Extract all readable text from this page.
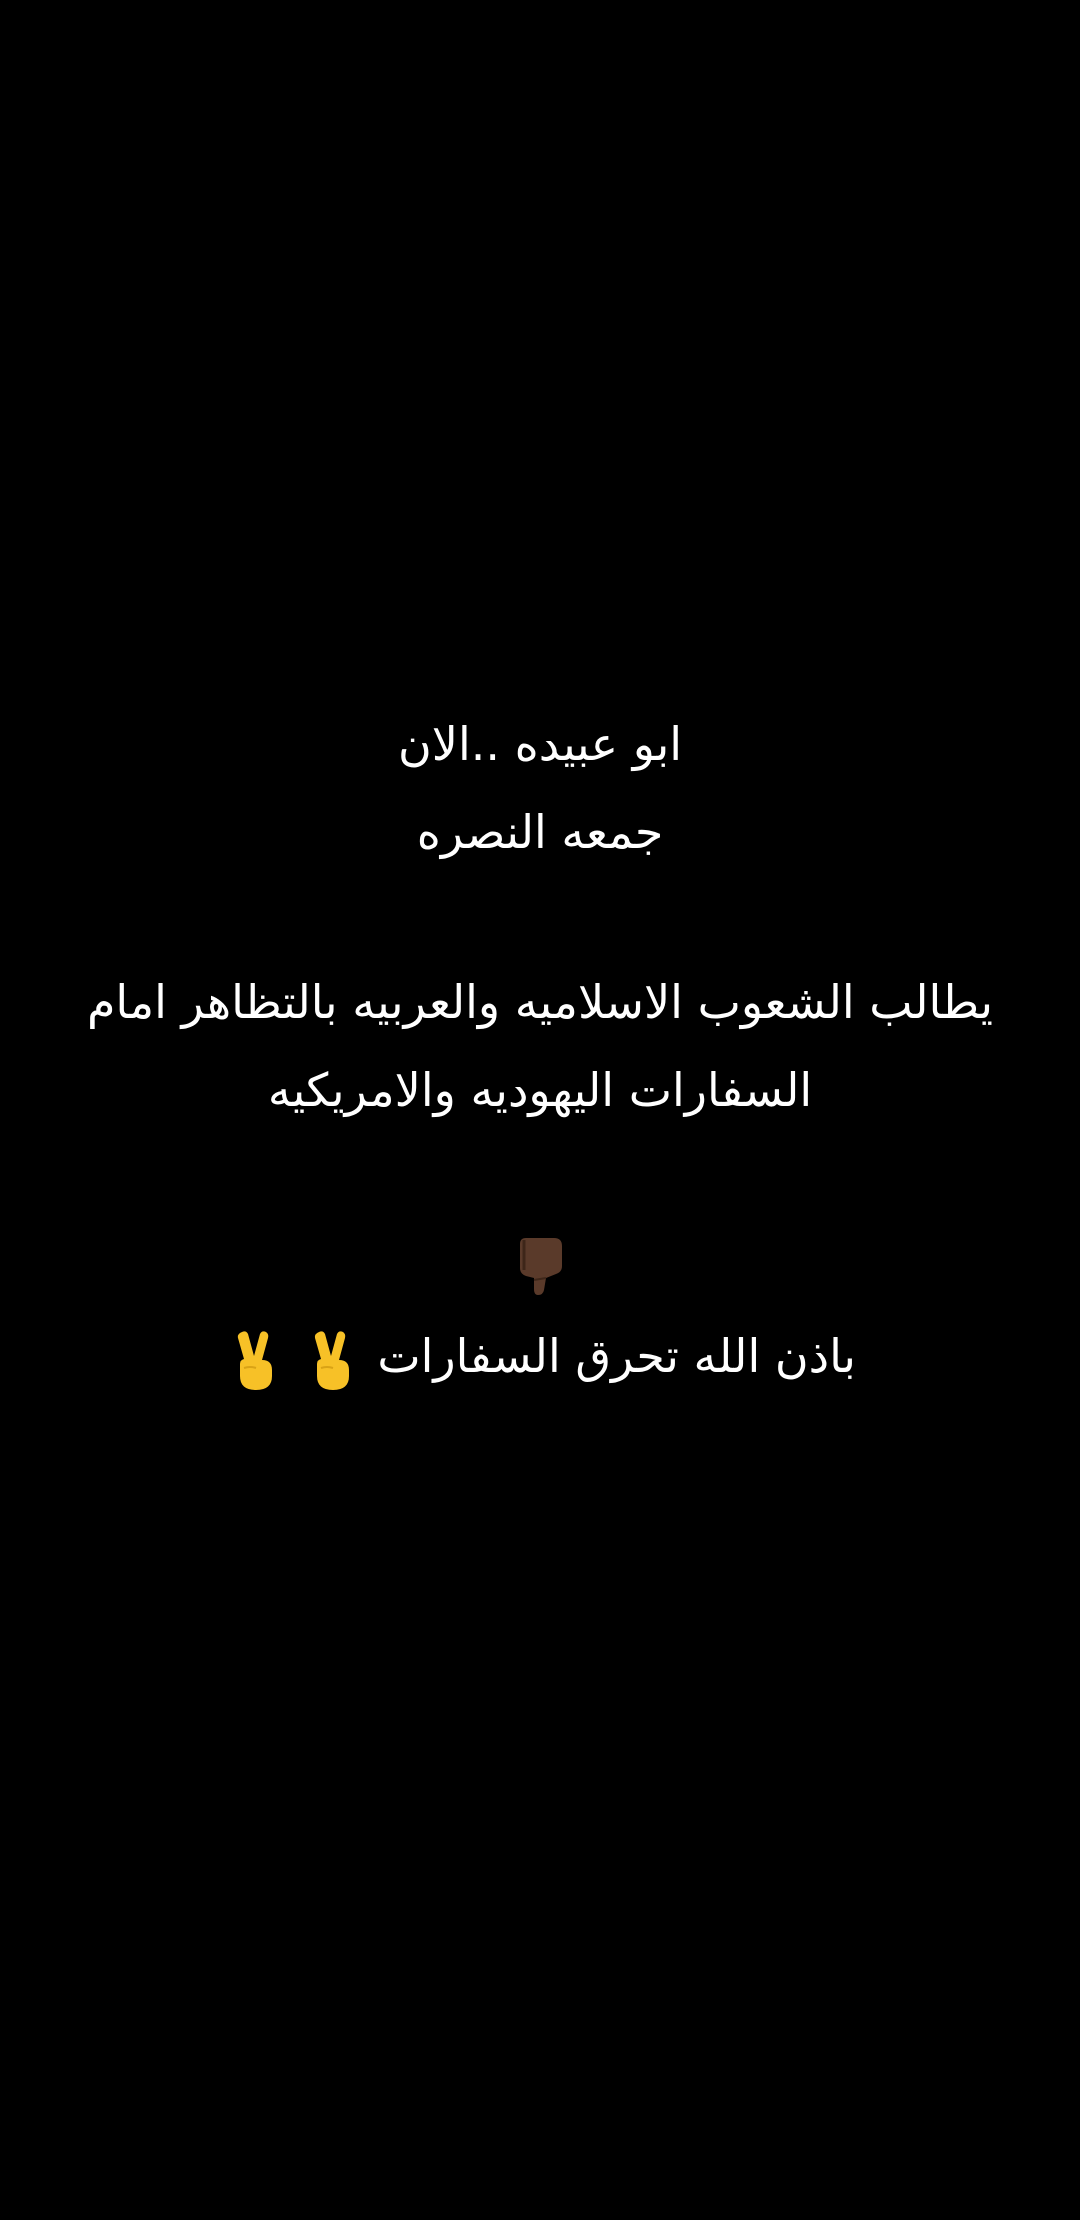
ابو عبيده ..الان
جمعه النصره
يطالب الشعوب الاسلاميه والعربيه بالتظاهر امام
السفارات اليهوديه والامريكيه
باذن الله تحرق السفارات
